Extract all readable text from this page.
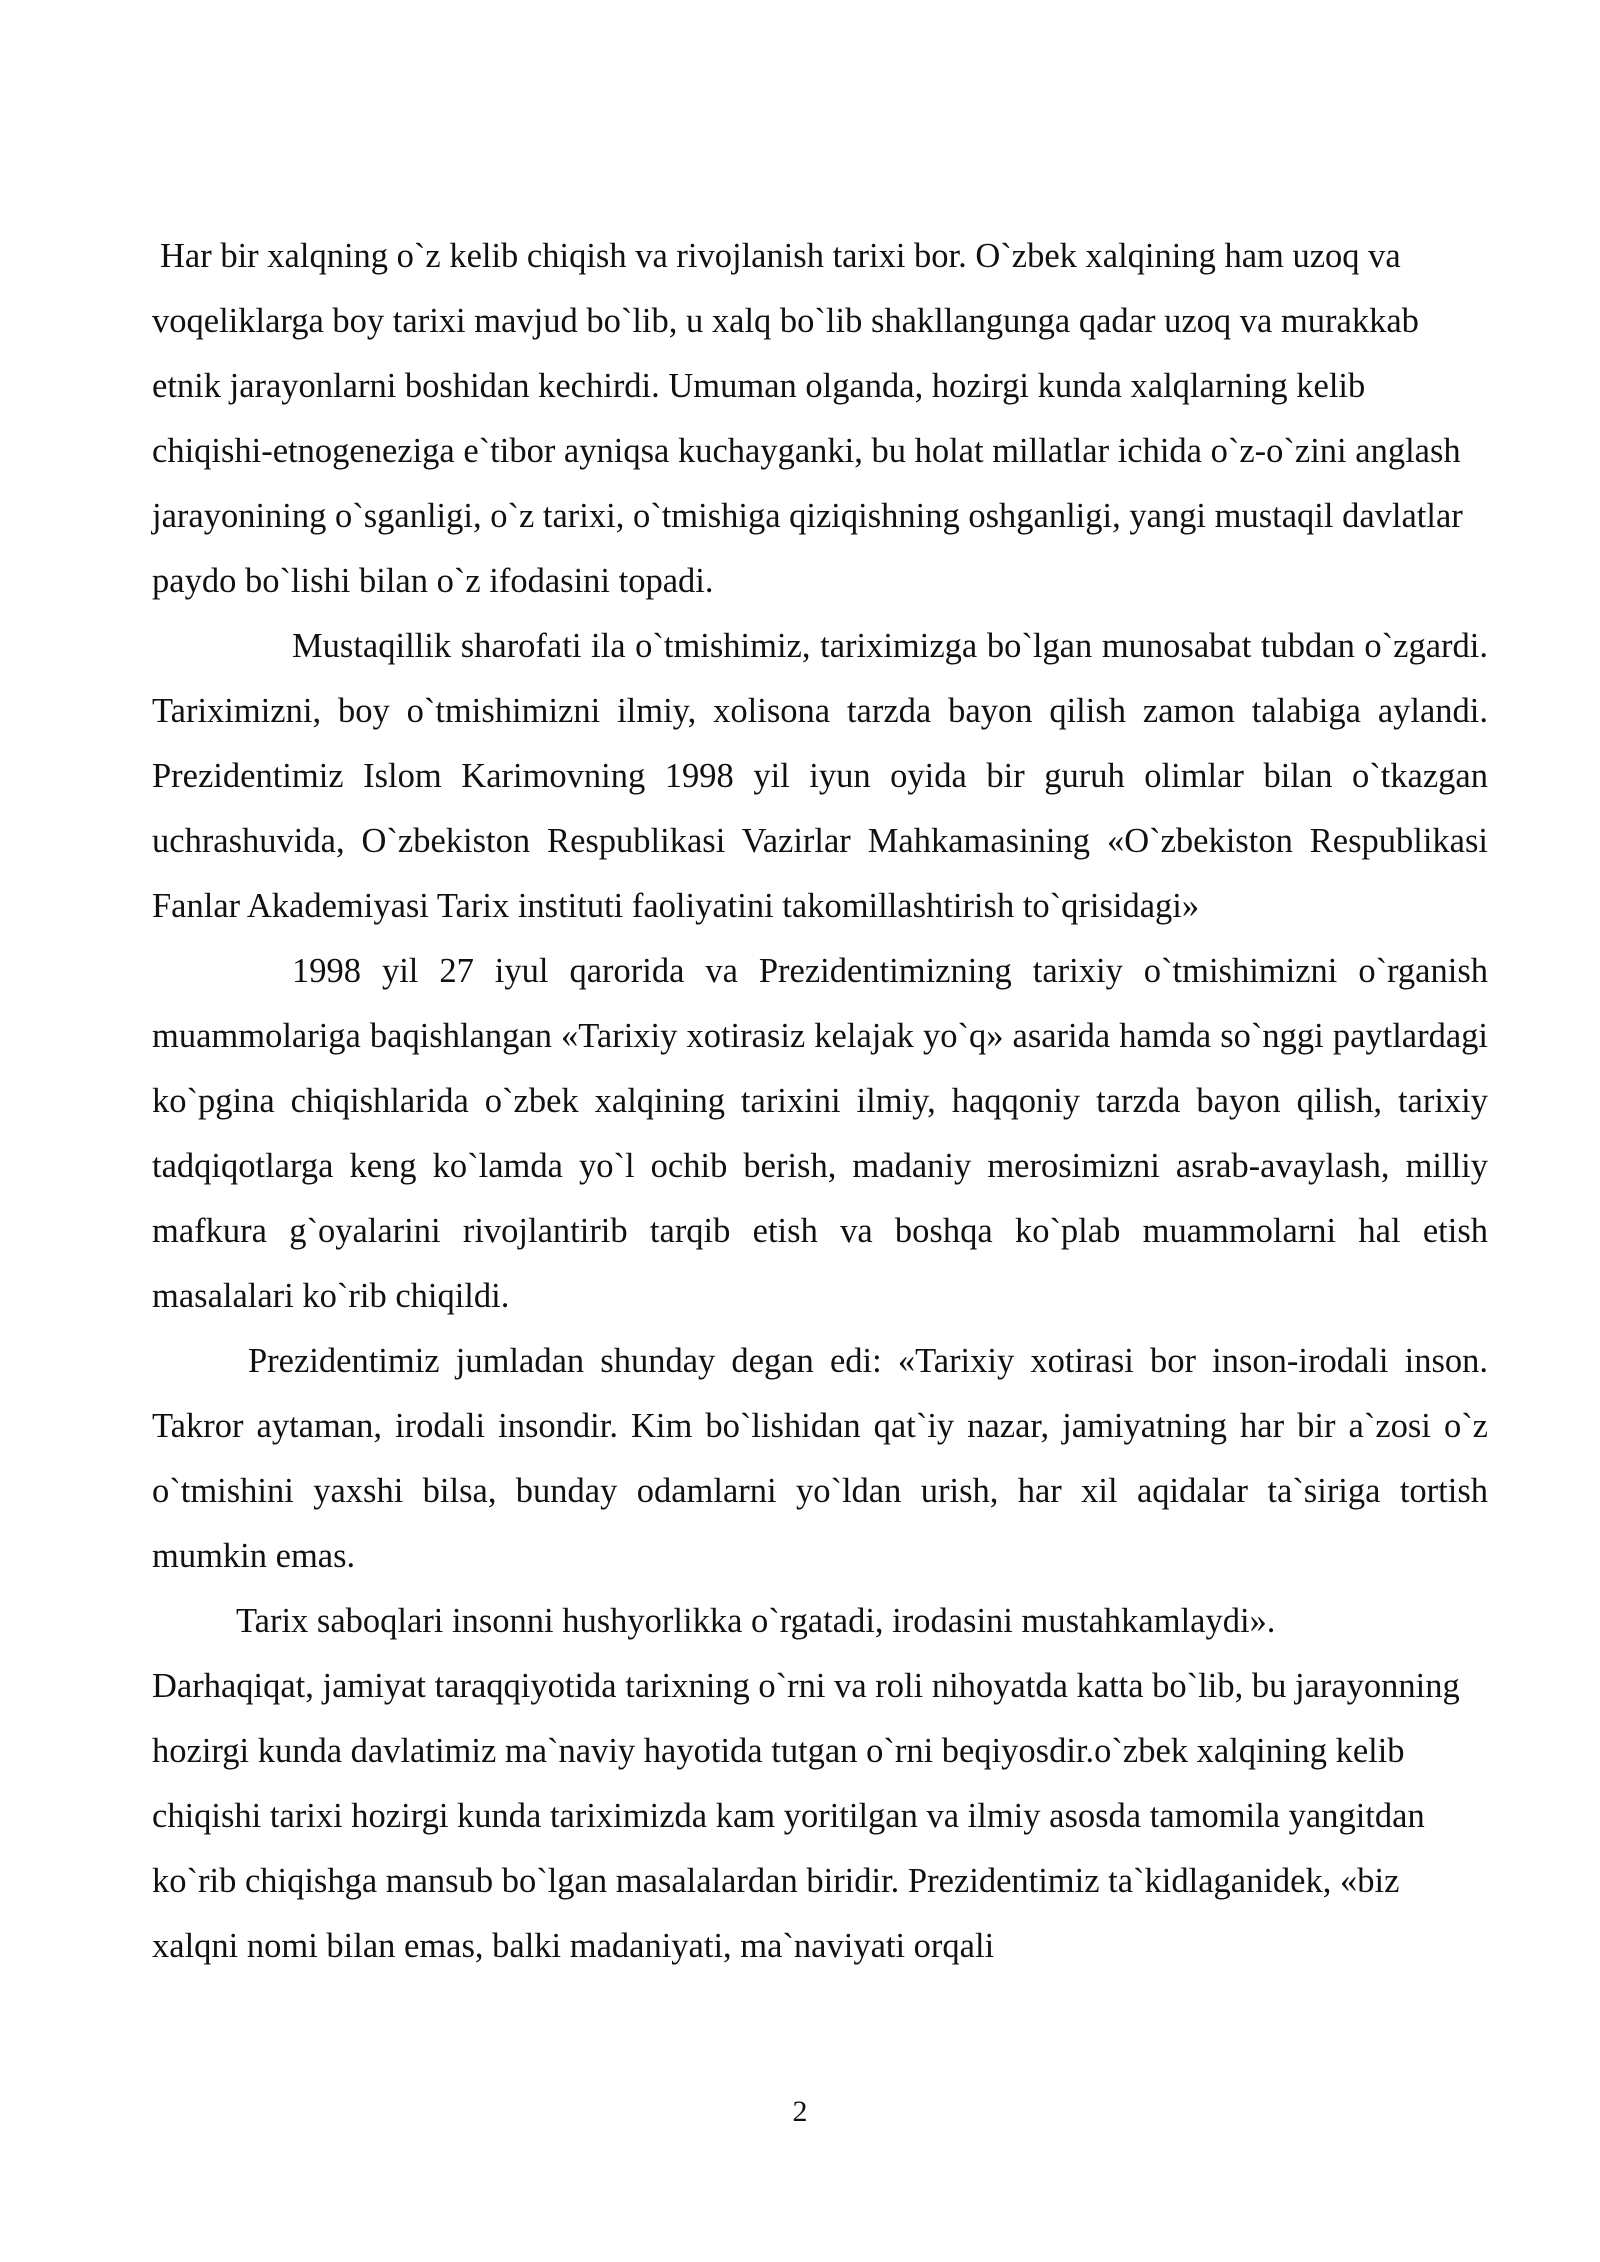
Har bir xalqning o`z kelib chiqish va rivojlanish tarixi bor. O`zbek xalqining ham uzoq va voqeliklarga boy tarixi mavjud bo`lib, u xalq bo`lib shakllangunga qadar uzoq va murakkab etnik jarayonlarni boshidan kechirdi. Umuman olganda, hozirgi kunda xalqlarning kelib chiqishi-etnogeneziga e`tibor ayniqsa kuchayganki, bu holat millatlar ichida o`z-o`zini anglash jarayonining o`sganligi, o`z tarixi, o`tmishiga qiziqishning oshganligi, yangi mustaqil davlatlar paydo bo`lishi bilan o`z ifodasini topadi.

Mustaqillik sharofati ila o`tmishimiz, tariximizga bo`lgan munosabat tubdan o`zgardi. Tariximizni, boy o`tmishimizni ilmiy, xolisona tarzda bayon qilish zamon talabiga aylandi. Prezidentimiz Islom Karimovning 1998 yil iyun oyida bir guruh olimlar bilan o`tkazgan uchrashuvida, O`zbekiston Respublikasi Vazirlar Mahkamasining «O`zbekiston Respublikasi Fanlar Akademiyasi Tarix instituti faoliyatini takomillashtirish to`qrisidagi»

1998 yil 27 iyul qarorida va Prezidentimizning tarixiy o`tmishimizni o`rganish muammolariga baqishlangan «Tarixiy xotirasiz kelajak yo`q» asarida hamda so`nggi paytlardagi ko`pgina chiqishlarida o`zbek xalqining tarixini ilmiy, haqqoniy tarzda bayon qilish, tarixiy tadqiqotlarga keng ko`lamda yo`l ochib berish, madaniy merosimizni asrab-avaylash, milliy mafkura g`oyalarini rivojlantirib tarqib etish va boshqa ko`plab muammolarni hal etish masalalari ko`rib chiqildi.

Prezidentimiz jumladan shunday degan edi: «Tarixiy xotirasi bor inson-irodali inson. Takror aytaman, irodali insondir. Kim bo`lishidan qat`iy nazar, jamiyatning har bir a`zosi o`z o`tmishini yaxshi bilsa, bunday odamlarni yo`ldan urish, har xil aqidalar ta`siriga tortish mumkin emas.

Tarix saboqlari insonni hushyorlikka o`rgatadi, irodasini mustahkamlaydi».

Darhaqiqat, jamiyat taraqqiyotida tarixning o`rni va roli nihoyatda katta bo`lib, bu jarayonning hozirgi kunda davlatimiz ma`naviy hayotida tutgan o`rni beqiyosdir.o`zbek xalqining kelib chiqishi tarixi hozirgi kunda tariximizda kam yoritilgan va ilmiy asosda tamomila yangitdan ko`rib chiqishga mansub bo`lgan masalalardan biridir. Prezidentimiz ta`kidlaganidek, «biz xalqni nomi bilan emas, balki madaniyati, ma`naviyati orqali

2
